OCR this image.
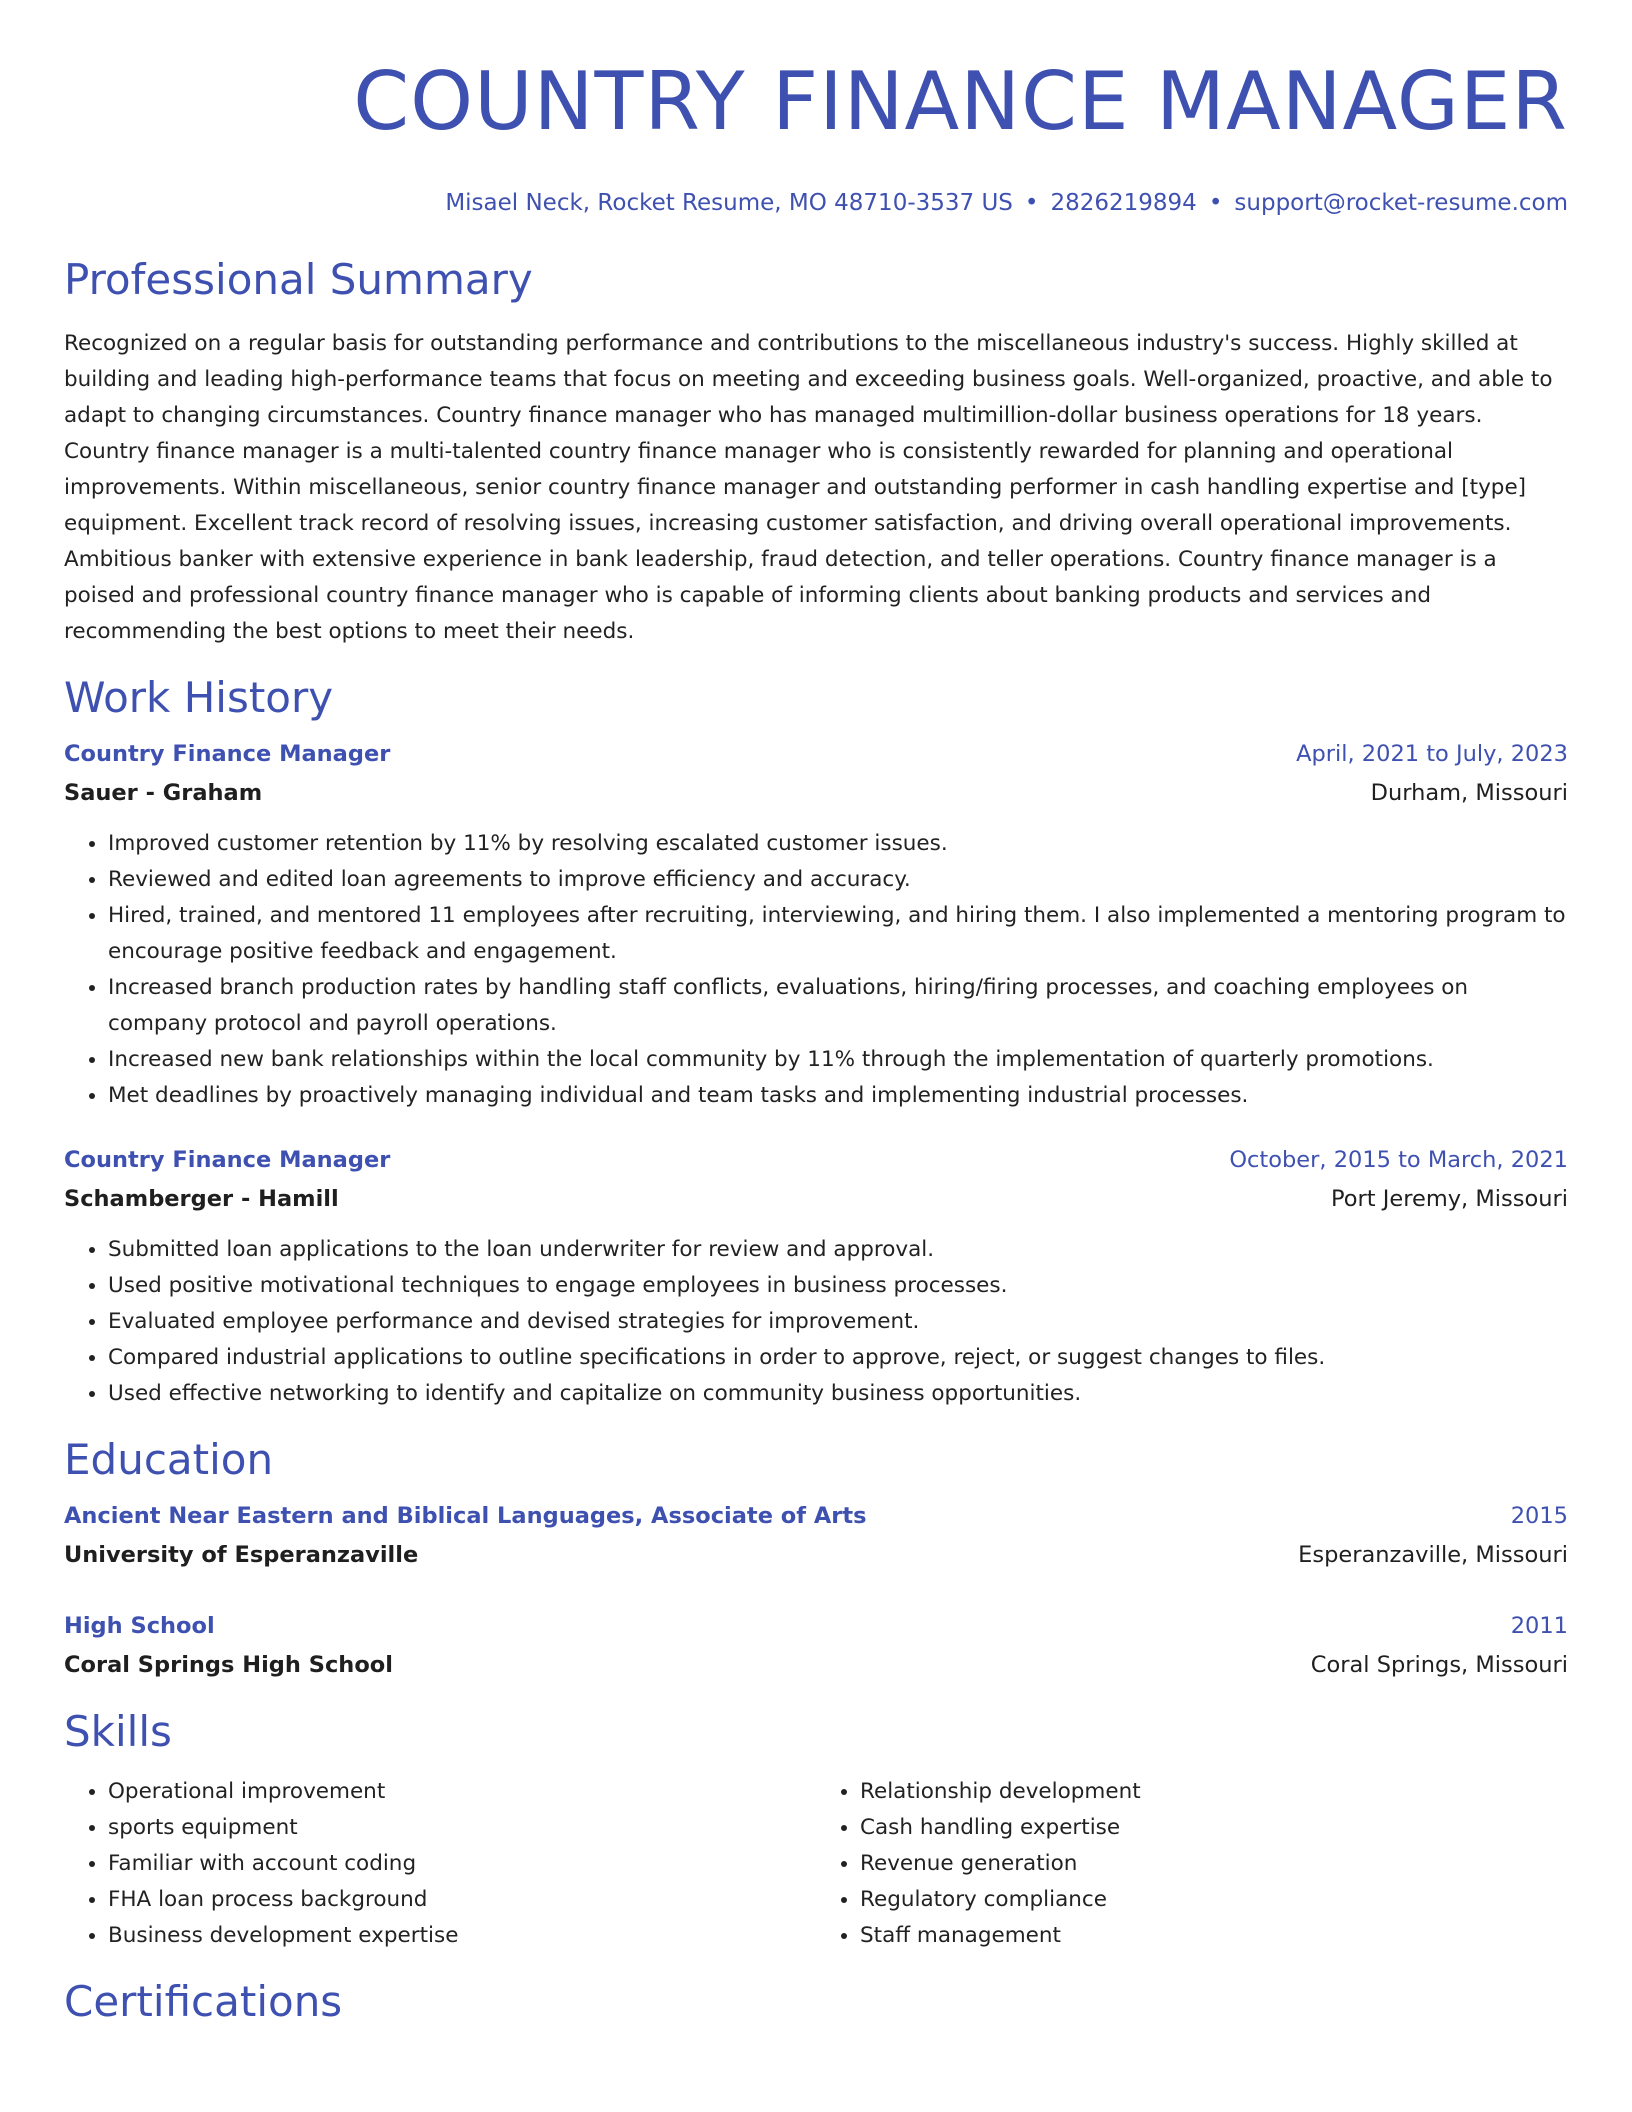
COUNTRY FINANCE MANAGER
Misael Neck, Rocket Resume, MO 48710-3537 US • 2826219894 • support@rocket-resume.com
Professional Summary
Recognized on a regular basis for outstanding performance and contributions to the miscellaneous industry's success. Highly skilled at building and leading high-performance teams that focus on meeting and exceeding business goals. Well-organized, proactive, and able to adapt to changing circumstances. Country finance manager who has managed multimillion-dollar business operations for 18 years. Country finance manager is a multi-talented country finance manager who is consistently rewarded for planning and operational improvements. Within miscellaneous, senior country finance manager and outstanding performer in cash handling expertise and [type] equipment. Excellent track record of resolving issues, increasing customer satisfaction, and driving overall operational improvements. Ambitious banker with extensive experience in bank leadership, fraud detection, and teller operations. Country finance manager is a poised and professional country finance manager who is capable of informing clients about banking products and services and recommending the best options to meet their needs.
Work History
Country Finance Manager	April, 2021 to July, 2023
Sauer - Graham	Durham, Missouri
• Improved customer retention by 11% by resolving escalated customer issues.
• Reviewed and edited loan agreements to improve efficiency and accuracy.
• Hired, trained, and mentored 11 employees after recruiting, interviewing, and hiring them. I also implemented a mentoring program to encourage positive feedback and engagement.
• Increased branch production rates by handling staff conflicts, evaluations, hiring/firing processes, and coaching employees on company protocol and payroll operations.
• Increased new bank relationships within the local community by 11% through the implementation of quarterly promotions.
• Met deadlines by proactively managing individual and team tasks and implementing industrial processes.
Country Finance Manager	October, 2015 to March, 2021
Schamberger - Hamill	Port Jeremy, Missouri
• Submitted loan applications to the loan underwriter for review and approval.
• Used positive motivational techniques to engage employees in business processes.
• Evaluated employee performance and devised strategies for improvement.
• Compared industrial applications to outline specifications in order to approve, reject, or suggest changes to files.
• Used effective networking to identify and capitalize on community business opportunities.
Education
Ancient Near Eastern and Biblical Languages, Associate of Arts	2015
University of Esperanzaville	Esperanzaville, Missouri
High School	2011
Coral Springs High School	Coral Springs, Missouri
Skills
• Operational improvement
• sports equipment
• Familiar with account coding
• FHA loan process background
• Business development expertise
• Relationship development
• Cash handling expertise
• Revenue generation
• Regulatory compliance
• Staff management
Certifications
